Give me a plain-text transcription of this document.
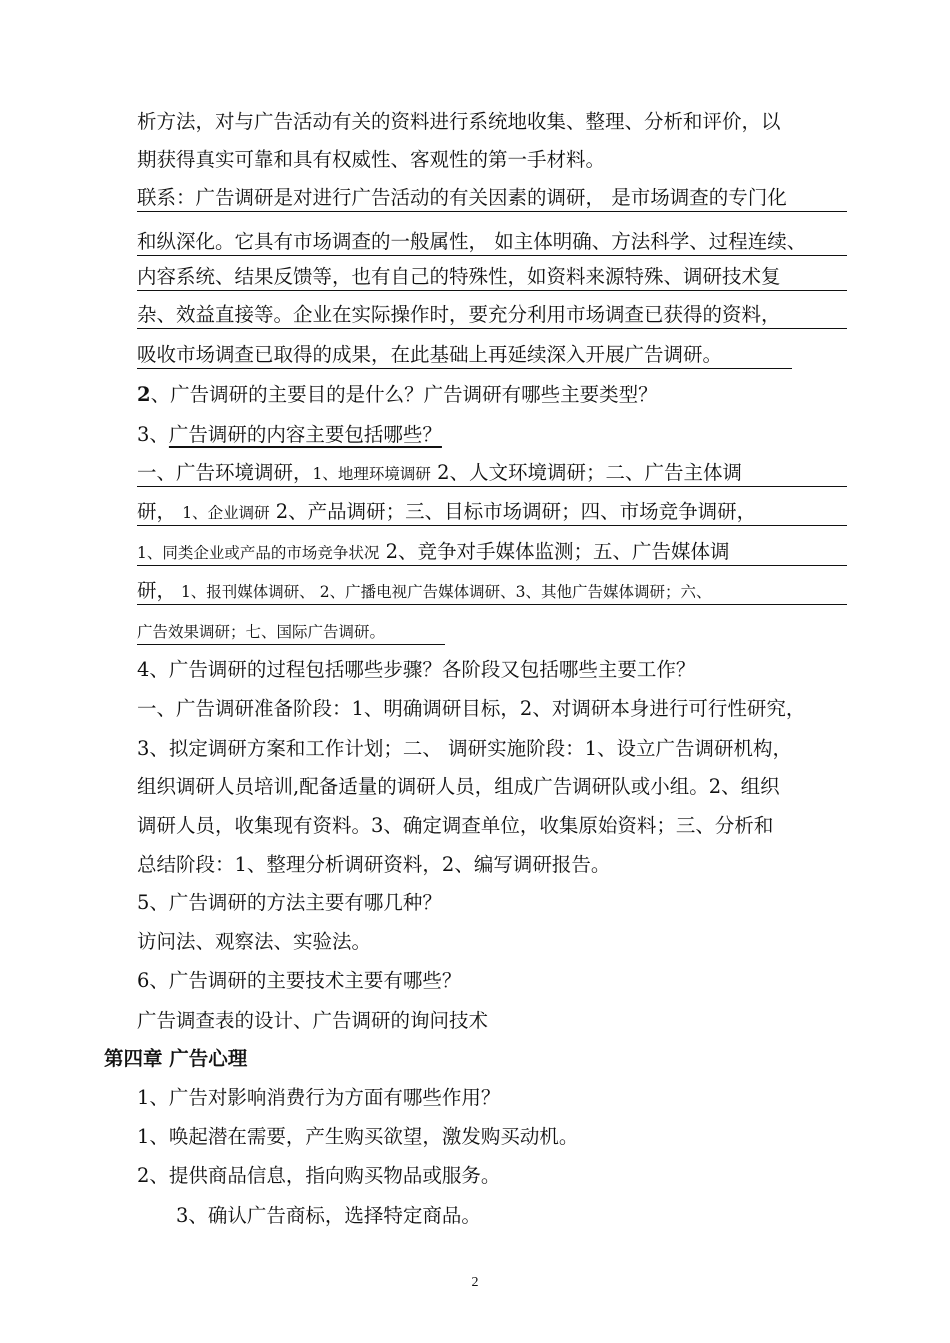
析方法，对与广告活动有关的资料进行系统地收集、整理、分析和评价，以
期获得真实可靠和具有权威性、客观性的第一手材料。
联系：广告调研是对进行广告活动的有关因素的调研， 是市场调查的专门化
和纵深化。它具有市场调查的一般属性， 如主体明确、方法科学、过程连续、
内容系统、结果反馈等，也有自己的特殊性，如资料来源特殊、调研技术复
杂、效益直接等。企业在实际操作时，要充分利用市场调查已获得的资料，
吸收市场调查已取得的成果，在此基础上再延续深入开展广告调研。
2、广告调研的主要目的是什么？广告调研有哪些主要类型？
3、广告调研的内容主要包括哪些？
一、广告环境调研，1、地理环境调研 2、人文环境调研；二、广告主体调
研， 1、企业调研 2、产品调研；三、目标市场调研；四、市场竞争调研，
1、同类企业或产品的市场竞争状况 2、竞争对手媒体监测；五、广告媒体调
研， 1、报刊媒体调研、 2、广播电视广告媒体调研、3、其他广告媒体调研；六、
广告效果调研；七、国际广告调研。
4、广告调研的过程包括哪些步骤？各阶段又包括哪些主要工作？
一、广告调研准备阶段：1、明确调研目标，2、对调研本身进行可行性研究，
3、拟定调研方案和工作计划；二、 调研实施阶段：1、设立广告调研机构，
组织调研人员培训,配备适量的调研人员，组成广告调研队或小组。2、组织
调研人员，收集现有资料。3、确定调查单位，收集原始资料；三、分析和
总结阶段：1、整理分析调研资料，2、编写调研报告。
5、广告调研的方法主要有哪几种？
访问法、观察法、实验法。
6、广告调研的主要技术主要有哪些？
广告调查表的设计、广告调研的询问技术
第四章 广告心理
1、广告对影响消费行为方面有哪些作用？
1、唤起潜在需要，产生购买欲望，激发购买动机。
2、提供商品信息，指向购买物品或服务。
3、确认广告商标，选择特定商品。
2
